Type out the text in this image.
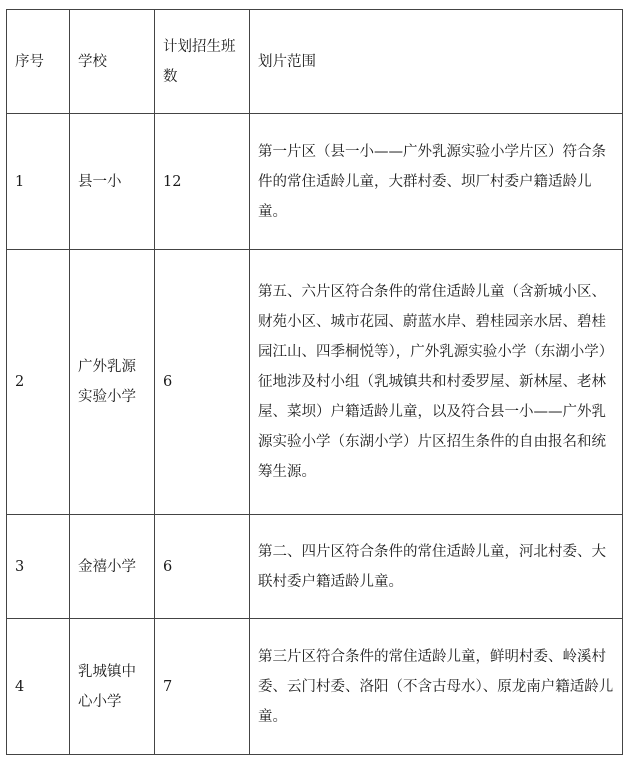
序号	学校	计划招生班数	划片范围

1	县一小	12	第一片区（县一小——广外乳源实验小学片区）符合条件的常住适龄儿童，大群村委、坝厂村委户籍适龄儿童。
2	广外乳源实验小学	6	第五、六片区符合条件的常住适龄儿童（含新城小区、财苑小区、城市花园、蔚蓝水岸、碧桂园亲水居、碧桂园江山、四季桐悦等），广外乳源实验小学（东湖小学）征地涉及村小组（乳城镇共和村委罗屋、新林屋、老林屋、菜坝）户籍适龄儿童，以及符合县一小——广外乳源实验小学（东湖小学）片区招生条件的自由报名和统筹生源。
3	金禧小学	6	第二、四片区符合条件的常住适龄儿童，河北村委、大联村委户籍适龄儿童。
4	乳城镇中心小学	7	第三片区符合条件的常住适龄儿童，鲜明村委、岭溪村委、云门村委、洛阳（不含古母水）、原龙南户籍适龄儿童。
